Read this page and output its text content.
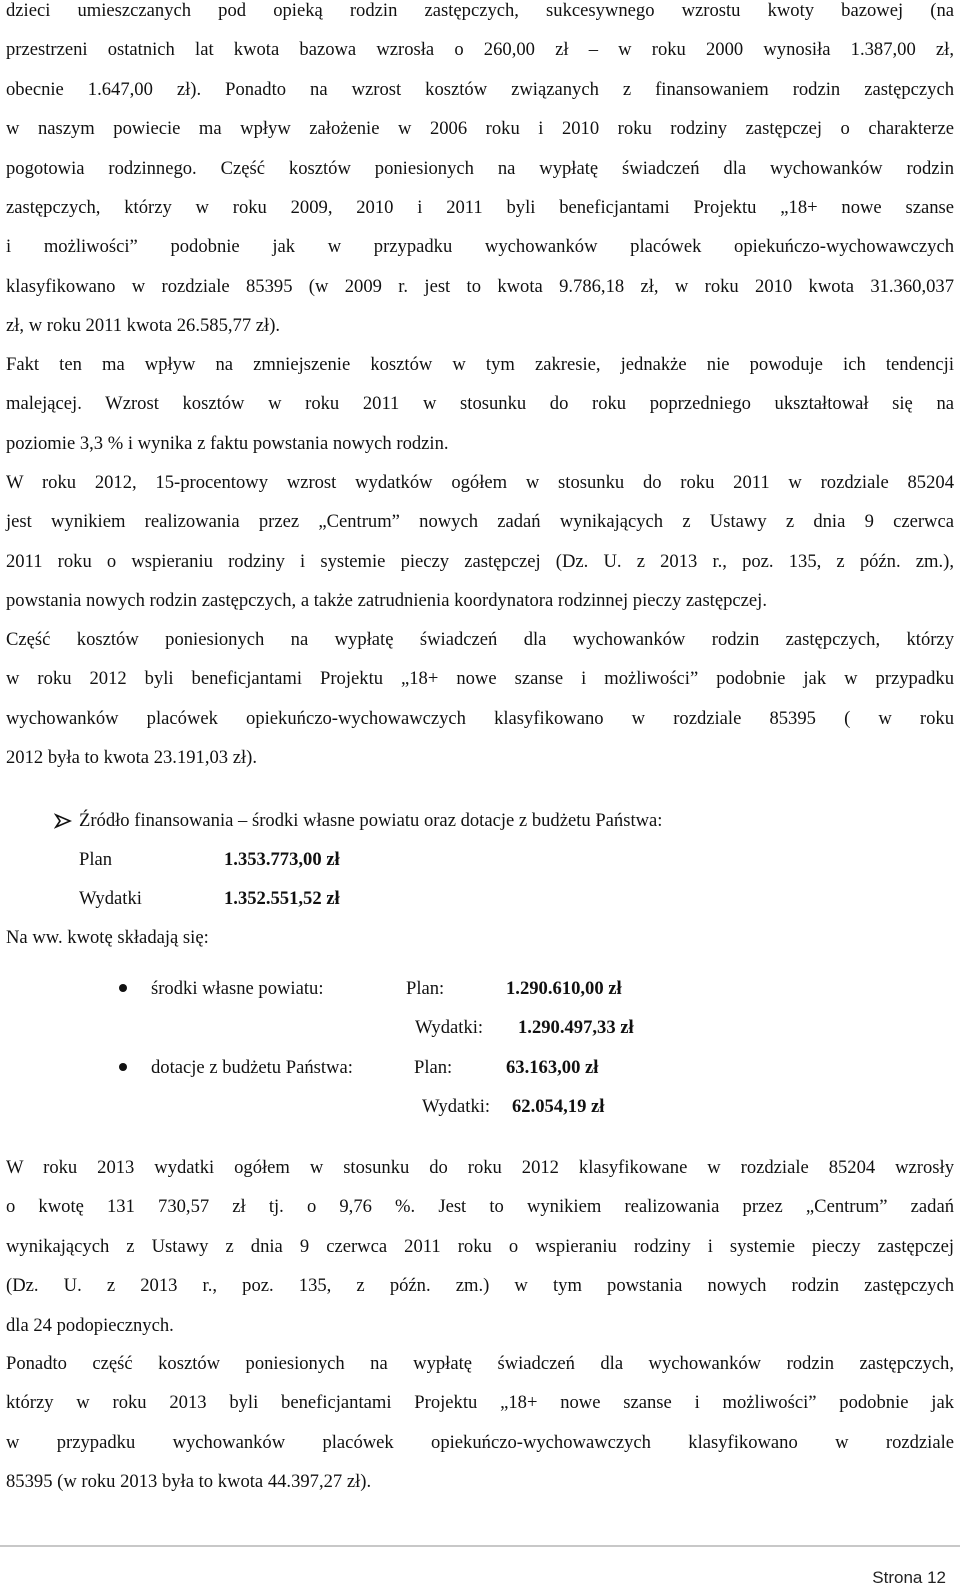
dzieci umieszczanych pod opieką rodzin zastępczych, sukcesywnego wzrostu kwoty bazowej (na
przestrzeni ostatnich lat kwota bazowa wzrosła o 260,00 zł – w roku 2000 wynosiła 1.387,00 zł,
obecnie 1.647,00 zł). Ponadto na wzrost kosztów związanych z finansowaniem rodzin zastępczych
w naszym powiecie ma wpływ założenie w 2006 roku i 2010 roku rodziny zastępczej o charakterze
pogotowia rodzinnego. Część kosztów poniesionych na wypłatę świadczeń dla wychowanków rodzin
zastępczych, którzy w roku 2009, 2010 i 2011 byli beneficjantami Projektu „18+ nowe szanse
i możliwości” podobnie jak w przypadku wychowanków placówek opiekuńczo-wychowawczych
klasyfikowano w rozdziale 85395 (w 2009 r. jest to kwota 9.786,18 zł, w roku 2010 kwota 31.360,037
zł, w roku 2011 kwota 26.585,77 zł).
Fakt ten ma wpływ na zmniejszenie kosztów w tym zakresie, jednakże nie powoduje ich tendencji
malejącej. Wzrost kosztów w roku 2011 w stosunku do roku poprzedniego ukształtował się na
poziomie 3,3 % i wynika z faktu powstania nowych rodzin.
W roku 2012, 15-procentowy wzrost wydatków ogółem w stosunku do roku 2011 w rozdziale 85204
jest wynikiem realizowania przez „Centrum” nowych zadań wynikających z Ustawy z dnia 9 czerwca
2011 roku o wspieraniu rodziny i systemie pieczy zastępczej (Dz. U. z 2013 r., poz. 135, z późn. zm.),
powstania nowych rodzin zastępczych, a także zatrudnienia koordynatora rodzinnej pieczy zastępczej.
Część kosztów poniesionych na wypłatę świadczeń dla wychowanków rodzin zastępczych, którzy
w roku 2012 byli beneficjantami Projektu „18+ nowe szanse i możliwości” podobnie jak w przypadku
wychowanków placówek opiekuńczo-wychowawczych klasyfikowano w rozdziale 85395 ( w roku
2012 była to kwota 23.191,03 zł).

Źródło finansowania – środki własne powiatu oraz dotacje z budżetu Państwa:

Plan	1.353.773,00 zł

Wydatki	1.352.551,52 zł

Na ww. kwotę składają się:

środki własne powiatu:	Plan:	1.290.610,00 zł

Wydatki: 1.290.497,33 zł

dotacje z budżetu Państwa:	Plan:	63.163,00 zł

Wydatki: 62.054,19 zł

W roku 2013 wydatki ogółem w stosunku do roku 2012 klasyfikowane w rozdziale 85204 wzrosły
o kwotę 131 730,57 zł tj. o 9,76 %. Jest to wynikiem realizowania przez „Centrum” zadań
wynikających z Ustawy z dnia 9 czerwca 2011 roku o wspieraniu rodziny i systemie pieczy zastępczej
(Dz. U. z 2013 r., poz. 135, z późn. zm.) w tym powstania nowych rodzin zastępczych
dla 24 podopiecznych.
Ponadto część kosztów poniesionych na wypłatę świadczeń dla wychowanków rodzin zastępczych,
którzy w roku 2013 byli beneficjantami Projektu „18+ nowe szanse i możliwości” podobnie jak
w przypadku wychowanków placówek opiekuńczo-wychowawczych klasyfikowano w rozdziale
85395 (w roku 2013 była to kwota 44.397,27 zł).
Strona 12
